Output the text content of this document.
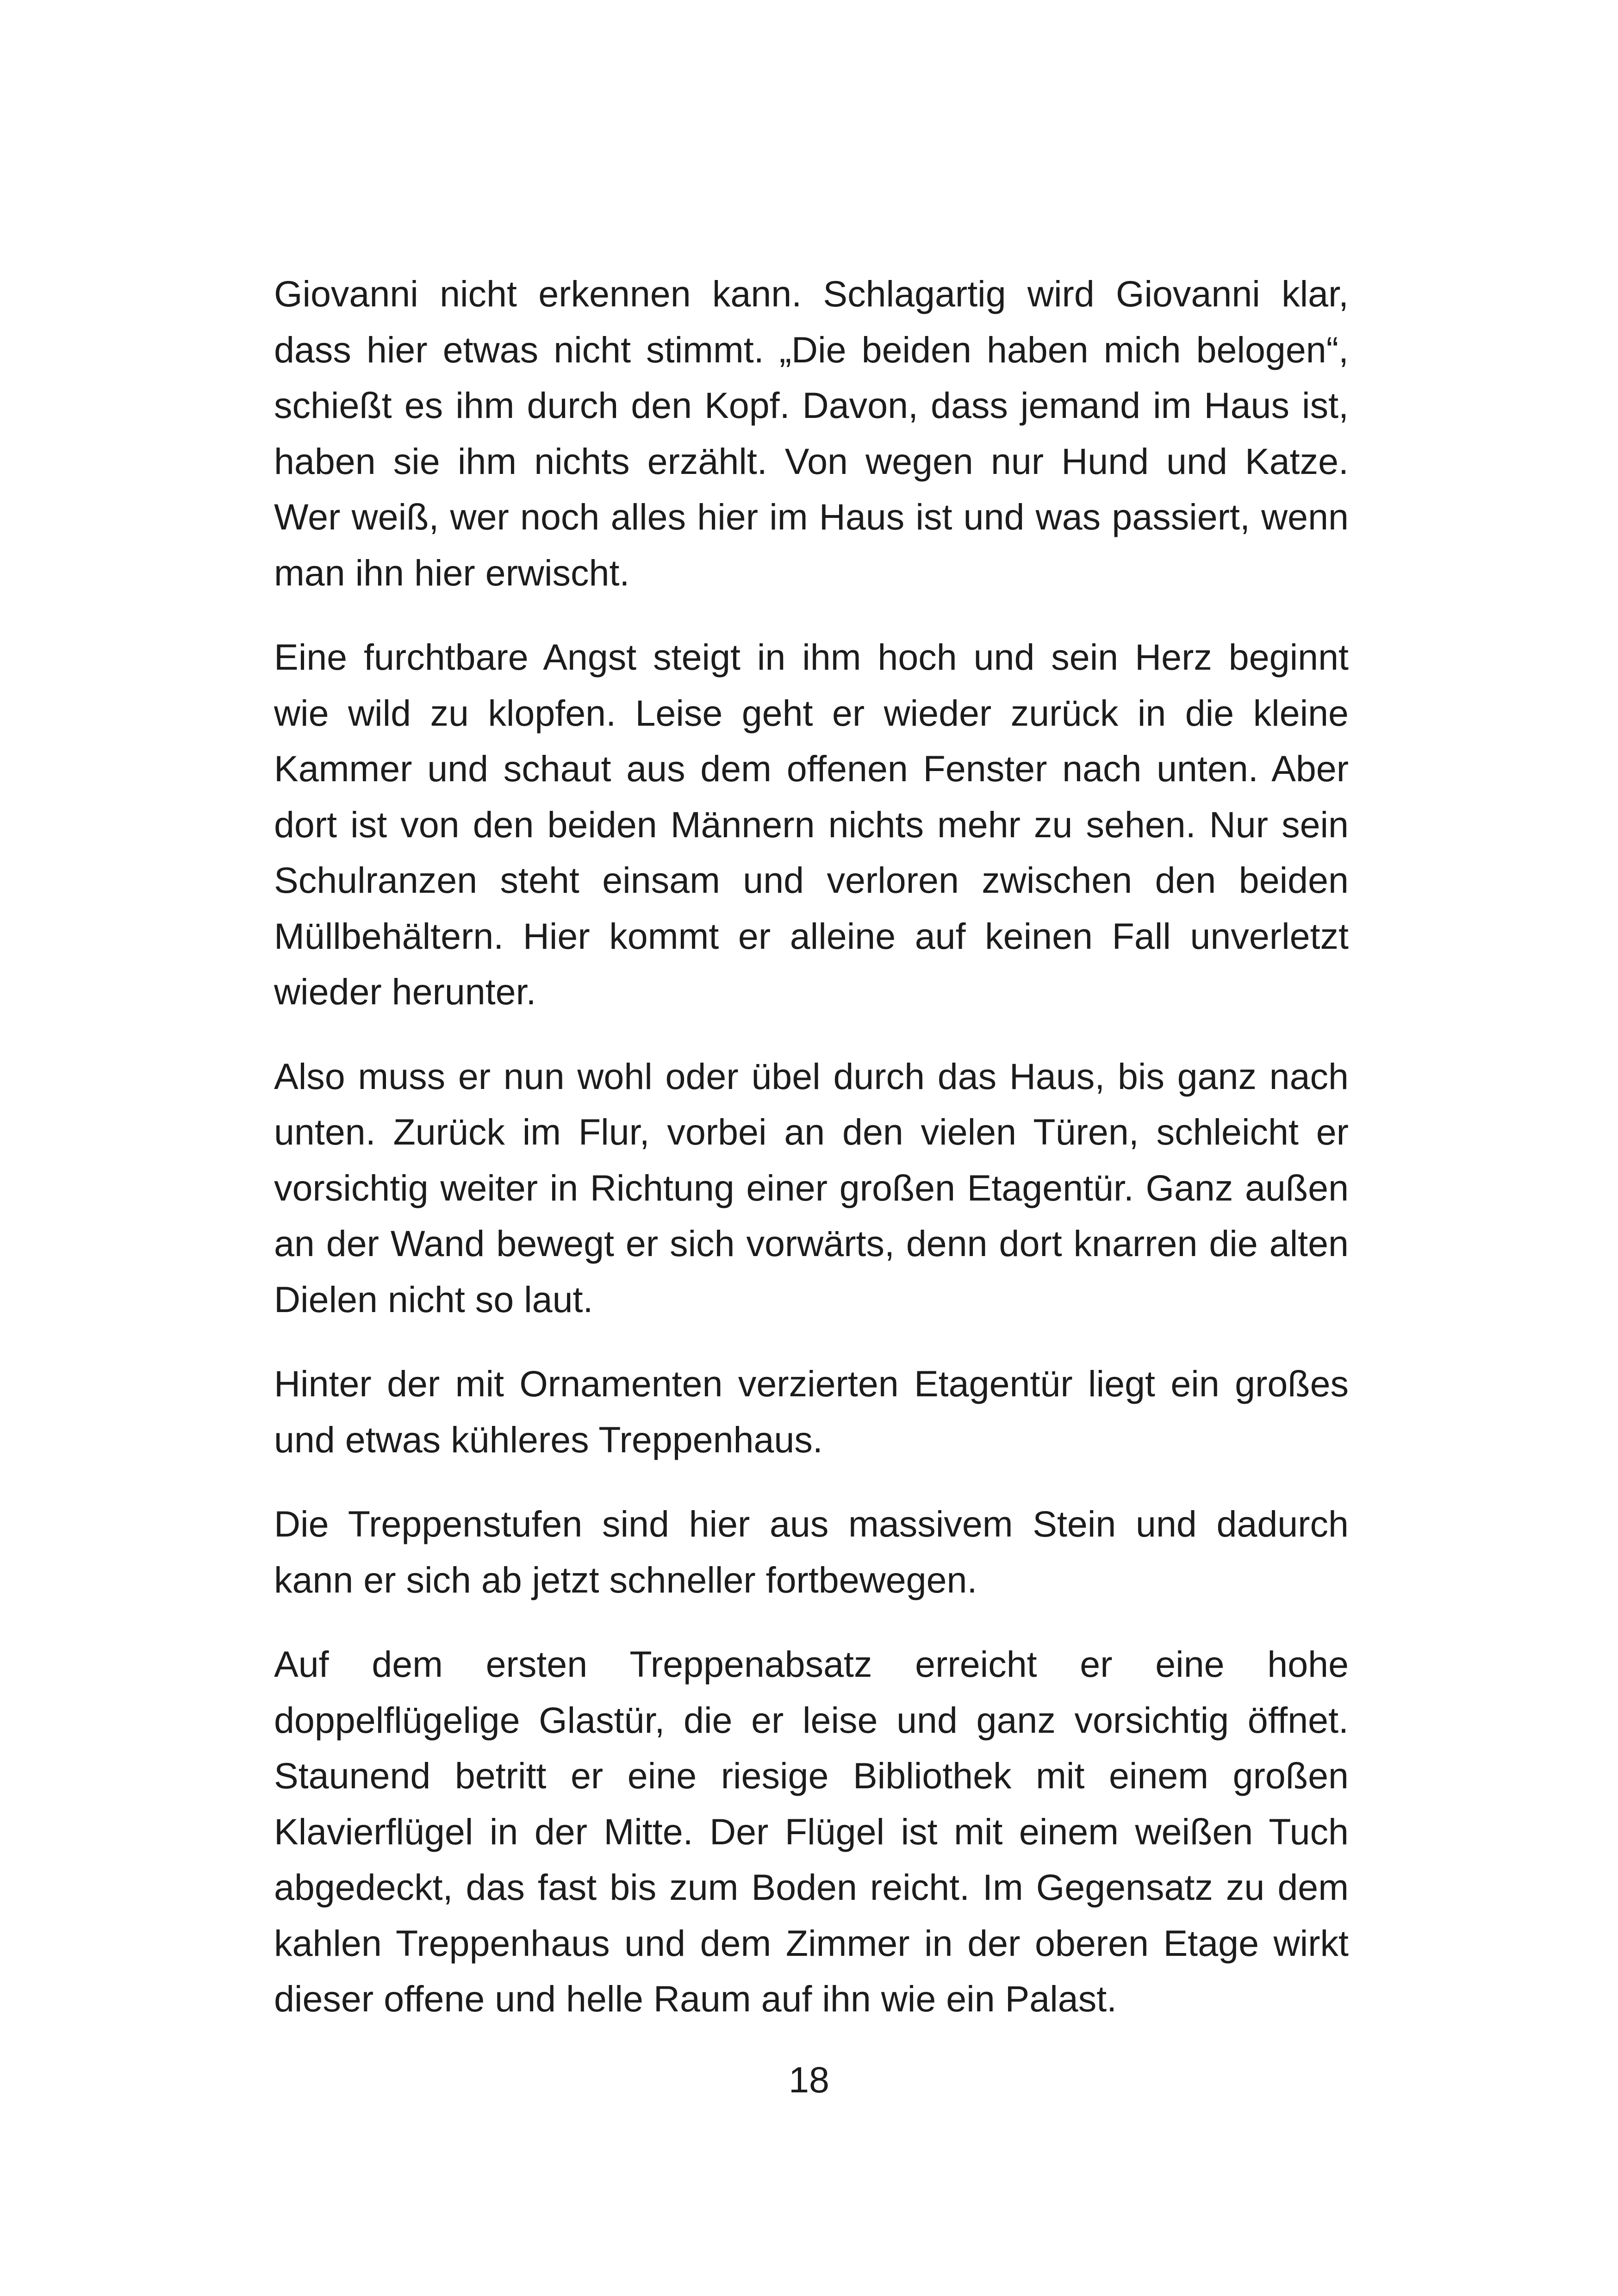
Giovanni nicht erkennen kann. Schlagartig wird Giovanni klar, dass hier etwas nicht stimmt. „Die beiden haben mich belogen“, schießt es ihm durch den Kopf. Davon, dass jemand im Haus ist, haben sie ihm nichts erzählt. Von wegen nur Hund und Katze. Wer weiß, wer noch alles hier im Haus ist und was passiert, wenn man ihn hier erwischt.

Eine furchtbare Angst steigt in ihm hoch und sein Herz beginnt wie wild zu klopfen. Leise geht er wieder zurück in die kleine Kammer und schaut aus dem offenen Fenster nach unten. Aber dort ist von den beiden Männern nichts mehr zu sehen. Nur sein Schulranzen steht einsam und verloren zwischen den beiden Müllbehältern. Hier kommt er alleine auf keinen Fall unverletzt wieder herunter.

Also muss er nun wohl oder übel durch das Haus, bis ganz nach unten. Zurück im Flur, vorbei an den vielen Türen, schleicht er vorsichtig weiter in Richtung einer großen Etagentür. Ganz außen an der Wand bewegt er sich vorwärts, denn dort knarren die alten Dielen nicht so laut.

Hinter der mit Ornamenten verzierten Etagentür liegt ein großes und etwas kühleres Treppenhaus.

Die Treppenstufen sind hier aus massivem Stein und dadurch kann er sich ab jetzt schneller fortbewegen.

Auf dem ersten Treppenabsatz erreicht er eine hohe doppelflügelige Glastür, die er leise und ganz vorsichtig öffnet. Staunend betritt er eine riesige Bibliothek mit einem großen Klavierflügel in der Mitte. Der Flügel ist mit einem weißen Tuch abgedeckt, das fast bis zum Boden reicht. Im Gegensatz zu dem kahlen Treppenhaus und dem Zimmer in der oberen Etage wirkt dieser offene und helle Raum auf ihn wie ein Palast.

18
